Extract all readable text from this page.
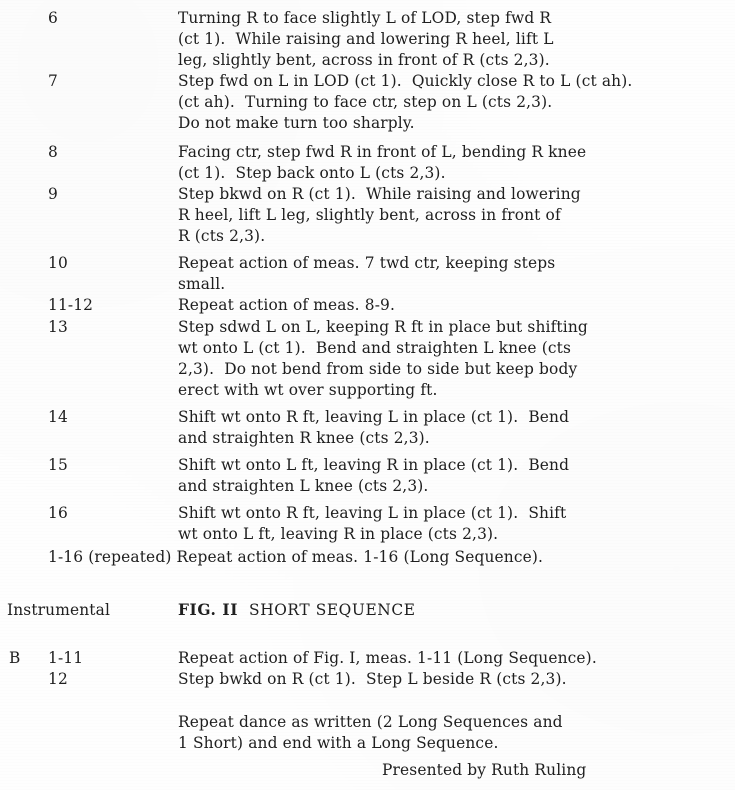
6	Turning R to face slightly L of LOD, step fwd R
(ct 1).  While raising and lowering R heel, lift L
leg, slightly bent, across in front of R (cts 2,3).
7	Step fwd on L in LOD (ct 1).  Quickly close R to L (ct ah).
(ct ah).  Turning to face ctr, step on L (cts 2,3).
Do not make turn too sharply.
8	Facing ctr, step fwd R in front of L, bending R knee
(ct 1).  Step back onto L (cts 2,3).
9	Step bkwd on R (ct 1).  While raising and lowering
R heel, lift L leg, slightly bent, across in front of
R (cts 2,3).
10	Repeat action of meas. 7 twd ctr, keeping steps
small.
11-12	Repeat action of meas. 8-9.
13	Step sdwd L on L, keeping R ft in place but shifting
wt onto L (ct 1).  Bend and straighten L knee (cts
2,3).  Do not bend from side to side but keep body
erect with wt over supporting ft.
14	Shift wt onto R ft, leaving L in place (ct 1).  Bend
and straighten R knee (cts 2,3).
15	Shift wt onto L ft, leaving R in place (ct 1).  Bend
and straighten L knee (cts 2,3).
16	Shift wt onto R ft, leaving L in place (ct 1).  Shift
wt onto L ft, leaving R in place (cts 2,3).
1-16 (repeated) Repeat action of meas. 1-16 (Long Sequence).
Instrumental	FIG. II SHORT SEQUENCE
B 1-11	Repeat action of Fig. I, meas. 1-11 (Long Sequence).
12	Step bwkd on R (ct 1).  Step L beside R (cts 2,3).
Repeat dance as written (2 Long Sequences and
1 Short) and end with a Long Sequence.
Presented by Ruth Ruling
